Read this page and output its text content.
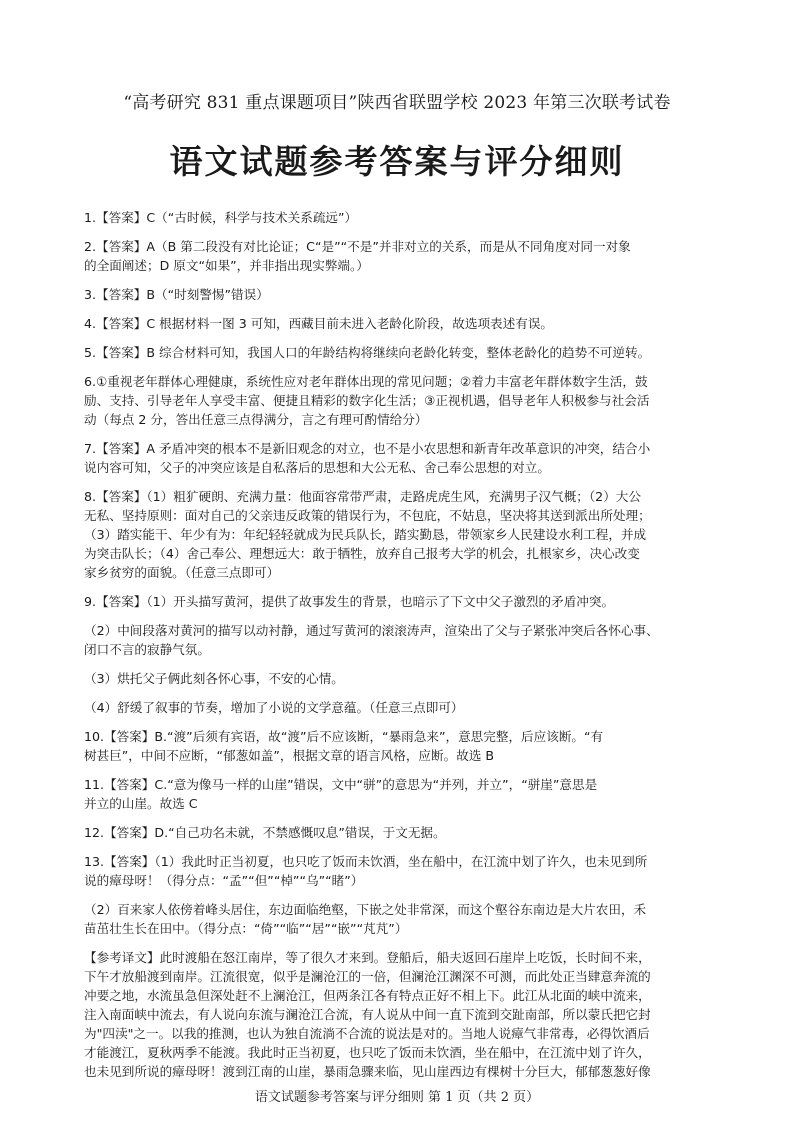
“高考研究 831 重点课题项目”陕西省联盟学校 2023 年第三次联考试卷
语文试题参考答案与评分细则
1.【答案】C（“古时候，科学与技术关系疏远”）
2.【答案】A（B 第二段没有对比论证；C“是”“不是”并非对立的关系，而是从不同角度对同一对象
的全面阐述；D 原文“如果”，并非指出现实弊端。）
3.【答案】B（“时刻警惕”错误）
4.【答案】C 根据材料一图 3 可知，西藏目前未进入老龄化阶段，故选项表述有误。
5.【答案】B 综合材料可知，我国人口的年龄结构将继续向老龄化转变，整体老龄化的趋势不可逆转。
6.①重视老年群体心理健康，系统性应对老年群体出现的常见问题；②着力丰富老年群体数字生活，鼓
励、支持、引导老年人享受丰富、便捷且精彩的数字化生活；③正视机遇，倡导老年人积极参与社会活
动（每点 2 分，答出任意三点得满分，言之有理可酌情给分）
7.【答案】A 矛盾冲突的根本不是新旧观念的对立，也不是小农思想和新青年改革意识的冲突，结合小
说内容可知，父子的冲突应该是自私落后的思想和大公无私、舍己奉公思想的对立。
8.【答案】（1）粗犷硬朗、充满力量：他面容常带严肃，走路虎虎生风，充满男子汉气概；（2）大公
无私、坚持原则：面对自己的父亲违反政策的错误行为，不包庇，不姑息，坚决将其送到派出所处理；
（3）踏实能干、年少有为：年纪轻轻就成为民兵队长，踏实勤恳，带领家乡人民建设水利工程，并成
为突击队长；（4）舍己奉公、理想远大：敢于牺牲，放弃自己报考大学的机会，扎根家乡，决心改变
家乡贫穷的面貌。（任意三点即可）
9.【答案】（1）开头描写黄河，提供了故事发生的背景，也暗示了下文中父子激烈的矛盾冲突。
（2）中间段落对黄河的描写以动衬静，通过写黄河的滚滚涛声，渲染出了父与子紧张冲突后各怀心事、
闭口不言的寂静气氛。
（3）烘托父子俩此刻各怀心事，不安的心情。
（4）舒缓了叙事的节奏，增加了小说的文学意蕴。（任意三点即可）
10.【答案】B.“渡”后须有宾语，故“渡”后不应该断，“暴雨急来”，意思完整，后应该断。“有
树甚巨”，中间不应断，“郁葱如盖”，根据文章的语言风格，应断。故选 B
11.【答案】C.“意为像马一样的山崖”错误，文中“骈”的意思为“并列，并立”，“骈崖”意思是
并立的山崖。故选 C
12.【答案】D.“自己功名未就，不禁感慨叹息”错误，于文无据。
13.【答案】（1）我此时正当初夏，也只吃了饭而未饮酒，坐在船中，在江流中划了许久，也未见到所
说的瘴母呀！（得分点：“孟”“但”“棹”“乌”“睹”）
（2）百来家人依傍着峰头居住，东边面临绝壑，下嵌之处非常深，而这个壑谷东南边是大片农田，禾
苗茁壮生长在田中。（得分点：“倚”“临”“居”“嵌”“芃芃”）
【参考译文】此时渡船在怒江南岸，等了很久才来到。登船后，船夫返回石崖岸上吃饭，长时间不来，
下午才放船渡到南岸。江流很宽，似乎是澜沧江的一倍，但澜沧江渊深不可测，而此处正当肆意奔流的
冲要之地，水流虽急但深处赶不上澜沧江，但两条江各有特点正好不相上下。此江从北面的峡中流来，
注入南面峡中流去，有人说向东流与澜沧江合流，有人说从中间一直下流到交趾南部，所以蒙氏把它封
为"四渎"之一。以我的推测，也认为独自流淌不合流的说法是对的。当地人说瘴气非常毒，必得饮酒后
才能渡江，夏秋两季不能渡。我此时正当初夏，也只吃了饭而未饮酒，坐在船中，在江流中划了许久，
也未见到所说的瘴母呀！渡到江南的山崖，暴雨急骤来临，见山崖西边有棵树十分巨大，郁郁葱葱好像
语文试题参考答案与评分细则 第 1 页（共 2 页）
